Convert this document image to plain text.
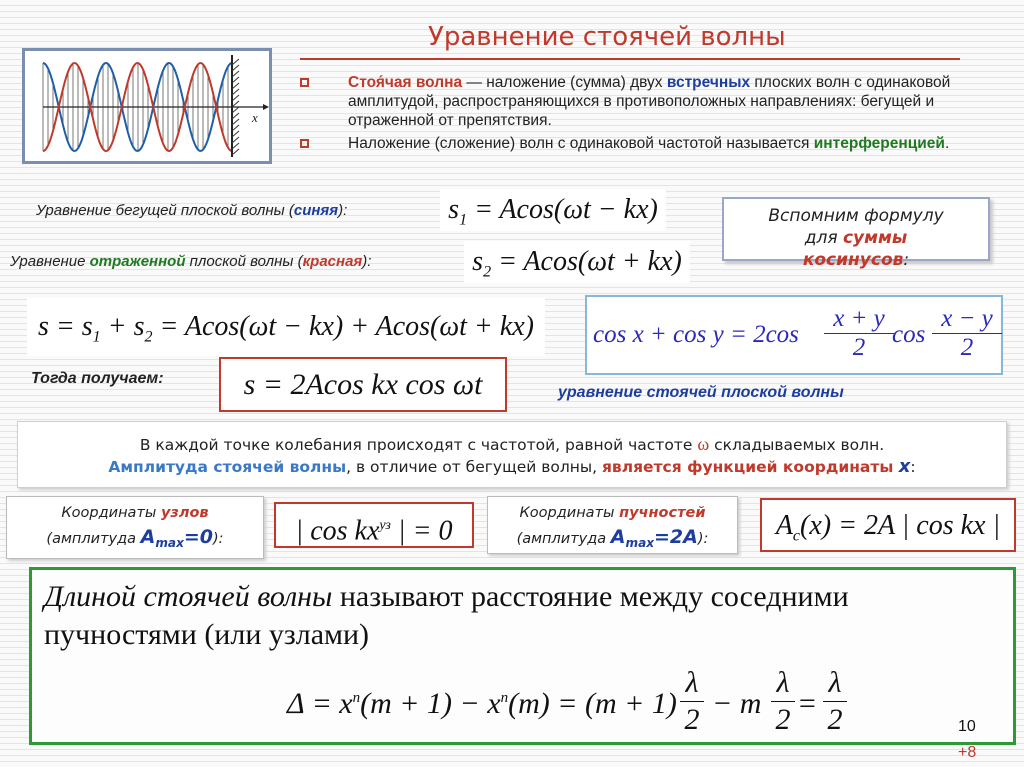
Уравнение стоячей волны
x
Стоя́чая волна — наложение (сумма) двух встречных плоских волн с одинаковой амплитудой, распространяющихся в противоположных направлениях: бегущей и отраженной от препятствия.
Наложение (сложение) волн с одинаковой частотой называется интерференцией.
Уравнение бегущей плоской волны (синяя):	$s_1 = Acos(\omega t - kx)$
Уравнение отраженной плоской волны (красная):	$s_2 = Acos(\omega t + kx)$
$s = s_1 + s_2 = Acos(\omega t - kx) + Acos(\omega t + kx)$
Вспомним формулу
для суммы
косинусов:
$\cos x + \cos y = 2\cos \frac{x + y}{2}$
$\cos \frac{x - y}{2}$
Тогда получаем:	s = 2Acos kx cos ωt	уравнение стоячей плоской волны
В каждой точке колебания происходят с частотой, равной частоте ω складываемых волн.
Амплитуда стоячей волны, в отличие от бегущей волны, является функцией координаты x:
Координаты узлов
(амплитуда $A_{max}=0$):	| $\cos kx^{уз}$ | = 0
Координаты пучностей
(амплитуда $A_{max}=2A$):	$A_c(x) = 2A$ | cos kx |
Длиной стоячей волны называют расстояние между соседними пучностями (или узлами)
$\Delta = x^п(m + 1) - x^п(m) = (m + 1) \frac{\lambda}{2} - m \frac{\lambda}{2} = \frac{\lambda}{2}$	10
+8
